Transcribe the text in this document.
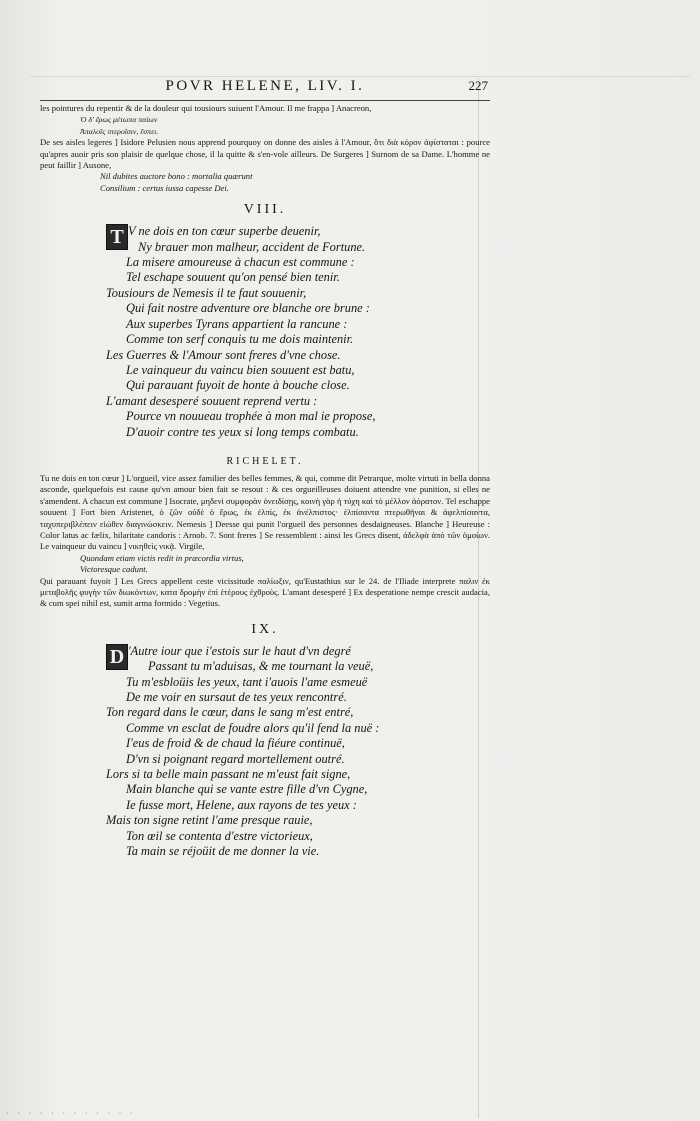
POVR HELENE, LIV. I.	227

les pointures du repentir & de la douleur qui tousiours suiuent l'Amour. Il me frappa ] Anacreon,

Ὁ δ' ἔρως μέτωπα παίων

Ἀπαλοῖς πτεροῖσιν, ἔσπει.

De ses aisles legeres ] Isidore Pelusien nous apprend pourquoy on donne des aisles à l'Amour, ὅτι διὰ κόρον ἀφίσταται : pource qu'apres auoir pris son plaisir de quelque chose, il la quitte & s'en-vole ailleurs. De Surgeres ] Surnom de sa Dame. L'homme ne peut faillir ] Ausone,

Nil dubites auctore bono : mortalia quærunt

Consilium : certus iussa capesse Dei.

VIII.
T V ne dois en ton cœur superbe deuenir,
Ny brauer mon malheur, accident de Fortune.
La misere amoureuse à chacun est commune :
Tel eschape souuent qu'on pensé bien tenir.
Tousiours de Nemesis il te faut souuenir,
Qui fait nostre adventure ore blanche ore brune :
Aux superbes Tyrans appartient la rancune :
Comme ton serf conquis tu me dois maintenir.
Les Guerres & l'Amour sont freres d'vne chose.
Le vainqueur du vaincu bien souuent est batu,
Qui parauant fuyoit de honte à bouche close.
L'amant desesperé souuent reprend vertu :
Pource vn nouueau trophée à mon mal ie propose,
D'auoir contre tes yeux si long temps combatu.
RICHELET.

Tu ne dois en ton cœur ] L'orgueil, vice assez familier des belles femmes, & qui, comme dit Petrarque, molte virtuti in bella donna asconde, quelquefois est cause qu'vn amour bien fait se resout : & ces orgueilleuses doiuent attendre vne punition, si elles ne s'amendent. A chacun est commune ] Isocrate, μηδενὶ συμφορὰν ὀνειδίσῃς, κοινὴ γὰρ ἡ τύχη καὶ τὸ μέλλον ἀόρατον. Tel eschappe souuent ] Fort bien Aristenet, ὁ ζῶν οὐδὲ ὁ ἔρως, ἐκ ἐλπίς, ἐκ ἀνέλπιστος· ἐλπίσαντα πτερωθῆναι & ἀφελπίσαντα, ταχυπεριβλέπειν εἰώθεν διαγινώσκειν. Nemesis ] Deesse qui punit l'orgueil des personnes desdaigneuses. Blanche ] Heureuse : Color latus ac fælix, hilaritate candoris : Arnob. 7. Sont freres ] Se ressemblent : ainsi les Grecs disent, ἀδελφὰ ἀπὸ τῶν ὁμοίων. Le vainqueur du vaincu ] νικηθεὶς νικᾷ. Virgile,

Quondam etiam victis redit in præcordia virtus,

Victoresque cadunt.

Qui parauant fuyoit ] Les Grecs appellent ceste vicissitude παλίωξιν, qu'Eustathius sur le 24. de l'Iliade interprete παλιν ἐκ μεταβολῆς φυγὴν τῶν διωκόντων, κατα δρομὴν ἐπὶ ἑτέρους ἐχθροὺς. L'amant desesperé ] Ex desperatione nempe crescit audacia, & cum spei nihil est, sumit arma formido : Vegetius.

IX.
D 'Autre iour que i'estois sur le haut d'vn degré
Passant tu m'aduisas, & me tournant la veuë,
Tu m'esbloüis les yeux, tant i'auois l'ame esmeuë
De me voir en sursaut de tes yeux rencontré.
Ton regard dans le cœur, dans le sang m'est entré,
Comme vn esclat de foudre alors qu'il fend la nuë :
I'eus de froid & de chaud la fiéure continuë,
D'vn si poignant regard mortellement outré.
Lors si ta belle main passant ne m'eust fait signe,
Main blanche qui se vante estre fille d'vn Cygne,
Ie fusse mort, Helene, aux rayons de tes yeux :
Mais ton signe retint l'ame presque rauie,
Ton œil se contenta d'estre victorieux,
Ta main se réjoüit de me donner la vie.
· · · · · · · · · · · ·
